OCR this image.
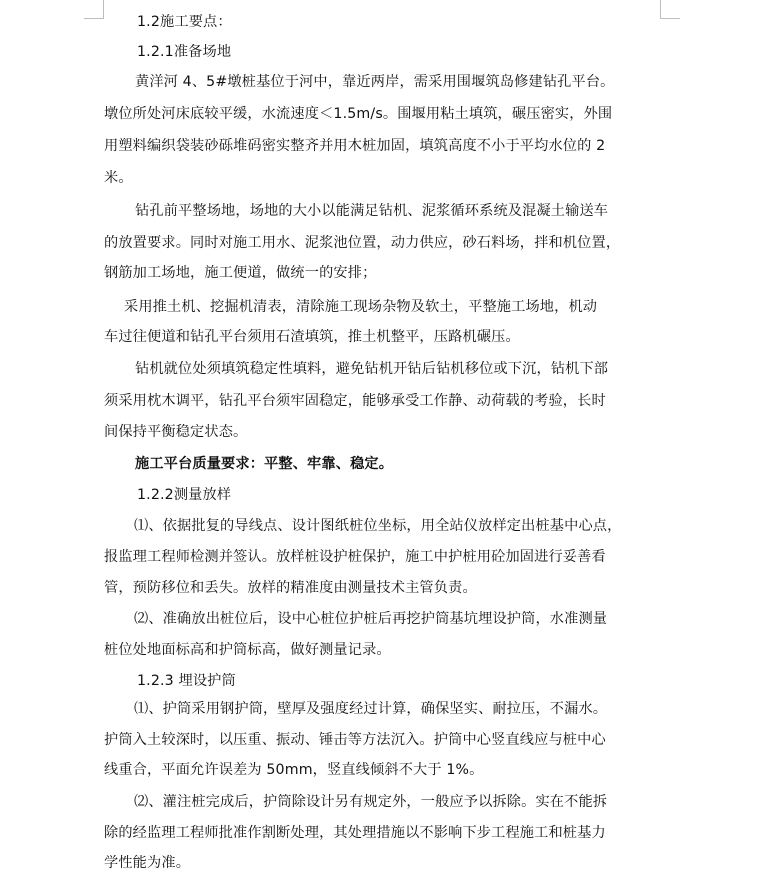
1.2施工要点：
1.2.1准备场地
黄洋河 4、5#墩桩基位于河中，靠近两岸，需采用围堰筑岛修建钻孔平台。
墩位所处河床底较平缓，水流速度＜1.5m/s。围堰用粘土填筑，碾压密实，外围
用塑料编织袋装砂砾堆码密实整齐并用木桩加固，填筑高度不小于平均水位的 2
米。
钻孔前平整场地，场地的大小以能满足钻机、泥浆循环系统及混凝土输送车
的放置要求。同时对施工用水、泥浆池位置，动力供应，砂石料场，拌和机位置，
钢筋加工场地，施工便道，做统一的安排；
采用推土机、挖掘机清表，清除施工现场杂物及软土，平整施工场地，机动
车过往便道和钻孔平台须用石渣填筑，推土机整平，压路机碾压。
钻机就位处须填筑稳定性填料，避免钻机开钻后钻机移位或下沉，钻机下部
须采用枕木调平，钻孔平台须牢固稳定，能够承受工作静、动荷载的考验，长时
间保持平衡稳定状态。
施工平台质量要求：平整、牢靠、稳定。
1.2.2测量放样
⑴、依据批复的导线点、设计图纸桩位坐标，用全站仪放样定出桩基中心点，
报监理工程师检测并签认。放样桩设护桩保护，施工中护桩用砼加固进行妥善看
管，预防移位和丢失。放样的精准度由测量技术主管负责。
⑵、准确放出桩位后，设中心桩位护桩后再挖护筒基坑埋设护筒，水准测量
桩位处地面标高和护筒标高，做好测量记录。
1.2.3 埋设护筒
⑴、护筒采用钢护筒，壁厚及强度经过计算，确保坚实、耐拉压，不漏水。
护筒入土较深时，以压重、振动、锤击等方法沉入。护筒中心竖直线应与桩中心
线重合，平面允许误差为 50mm，竖直线倾斜不大于 1%。
⑵、灌注桩完成后，护筒除设计另有规定外，一般应予以拆除。实在不能拆
除的经监理工程师批准作割断处理，其处理措施以不影响下步工程施工和桩基力
学性能为准。
